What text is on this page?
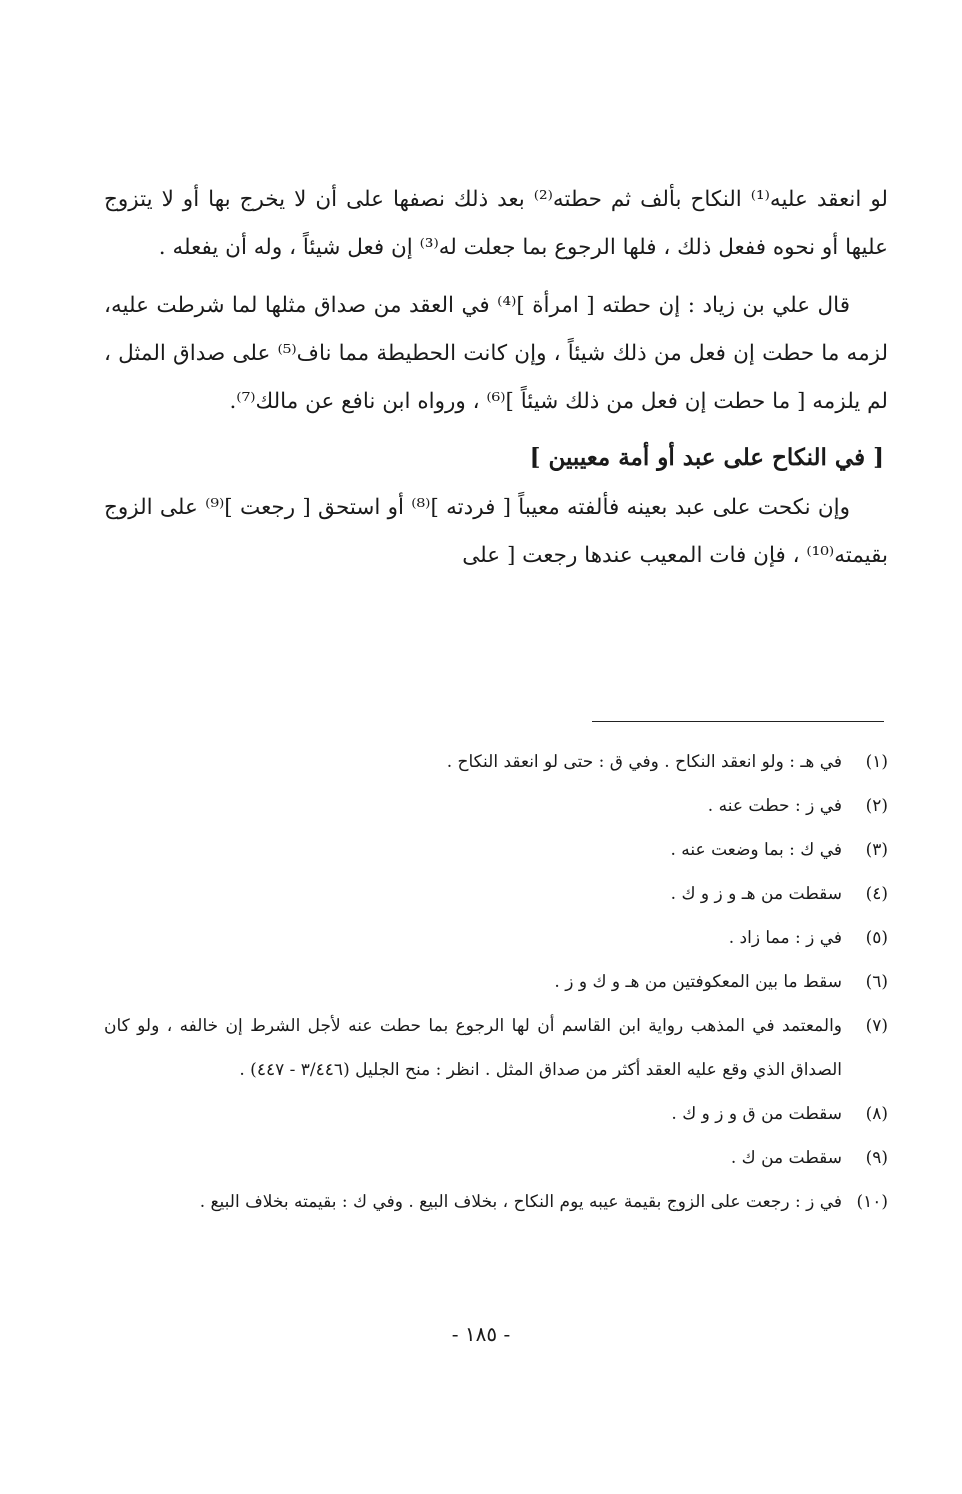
لو انعقد عليه⁽¹⁾ النكاح بألف ثم حطته⁽²⁾ بعد ذلك نصفها على أن لا يخرج بها أو لا يتزوج عليها أو نحوه ففعل ذلك ، فلها الرجوع بما جعلت له⁽³⁾ إن فعل شيئاً ، وله أن يفعله .

قال علي بن زياد : إن حطته [ امرأة ]⁽⁴⁾ في العقد من صداق مثلها لما شرطت عليه، لزمه ما حطت إن فعل من ذلك شيئاً ، وإن كانت الحطيطة مما ناف⁽⁵⁾ على صداق المثل ، لم يلزمه [ ما حطت إن فعل من ذلك شيئاً ]⁽⁶⁾ ، ورواه ابن نافع عن مالك⁽⁷⁾.

[ في النكاح على عبد أو أمة معيبين ]

وإن نكحت على عبد بعينه فألفته معيباً [ فردته ]⁽⁸⁾ أو استحق [ رجعت ]⁽⁹⁾ على الزوج بقيمته⁽¹⁰⁾ ، فإن فات المعيب عندها رجعت [ على

(١)
في هـ : ولو انعقد النكاح . وفي ق : حتى لو انعقد النكاح .
(٢)
في ز : حطت عنه .
(٣)
في ك : بما وضعت عنه .
(٤)
سقطت من هـ و ز و ك .
(٥)
في ز : مما زاد .
(٦)
سقط ما بين المعكوفتين من هـ و ك و ز .
(٧)
والمعتمد في المذهب رواية ابن القاسم أن لها الرجوع بما حطت عنه لأجل الشرط إن خالفه ، ولو كان الصداق الذي وقع عليه العقد أكثر من صداق المثل . انظر : منح الجليل (٣/٤٤٦ - ٤٤٧) .
(٨)
سقطت من ق و ز و ك .
(٩)
سقطت من ك .
(١٠)
في ز : رجعت على الزوج بقيمة عيبه يوم النكاح ، بخلاف البيع . وفي ك : بقيمته بخلاف البيع .
- ١٨٥ -
